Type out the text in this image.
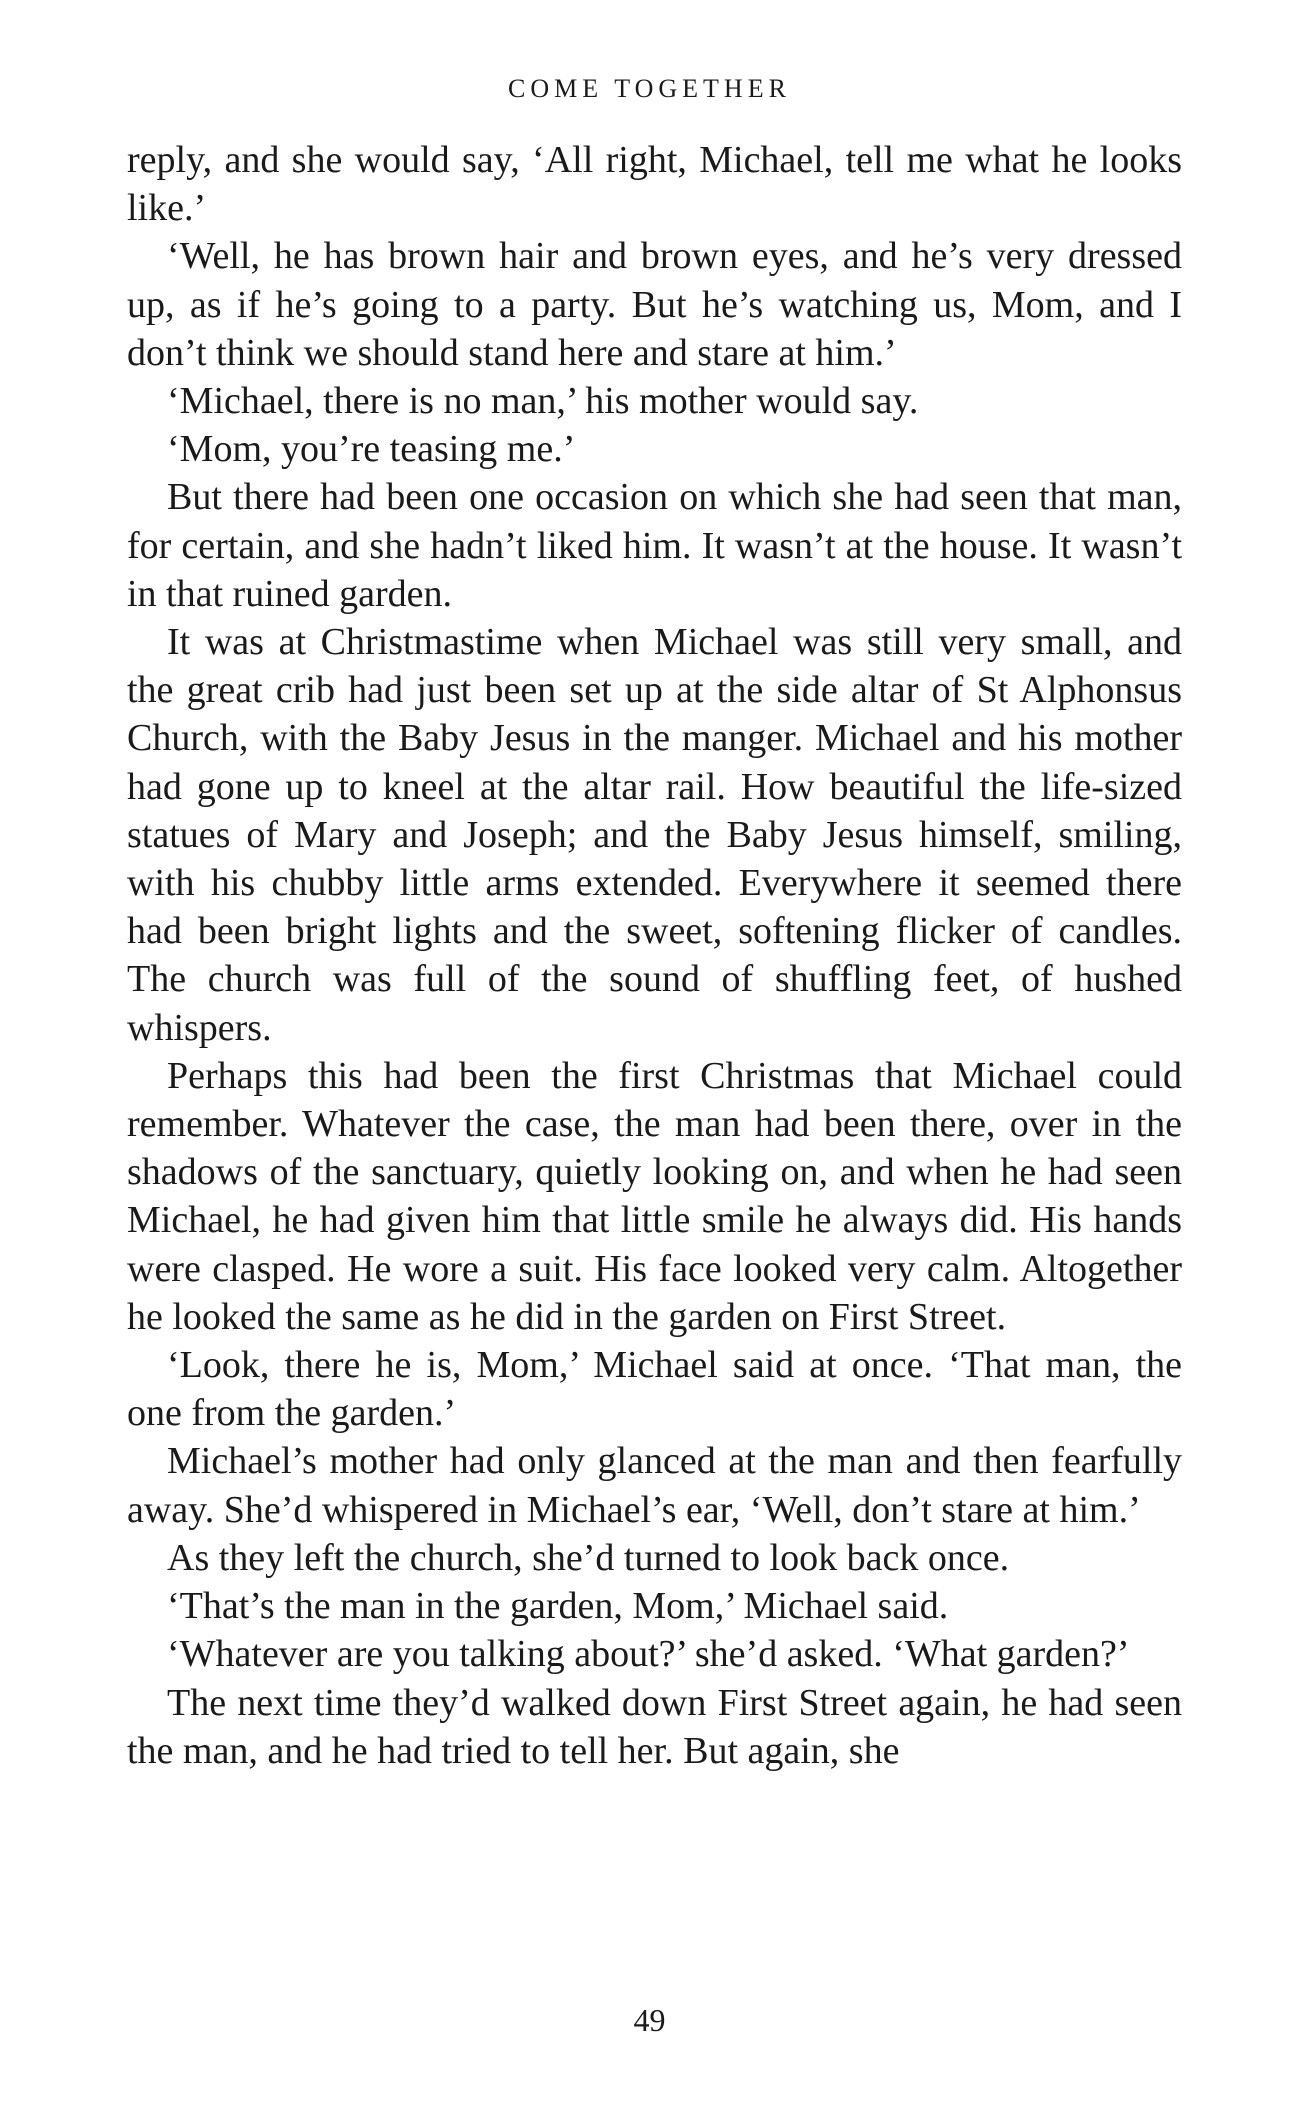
COME TOGETHER

reply, and she would say, ‘All right, Michael, tell me what he looks like.’

‘Well, he has brown hair and brown eyes, and he’s very dressed up, as if he’s going to a party. But he’s watching us, Mom, and I don’t think we should stand here and stare at him.’

‘Michael, there is no man,’ his mother would say.

‘Mom, you’re teasing me.’

But there had been one occasion on which she had seen that man, for certain, and she hadn’t liked him. It wasn’t at the house. It wasn’t in that ruined garden.

It was at Christmastime when Michael was still very small, and the great crib had just been set up at the side altar of St Alphonsus Church, with the Baby Jesus in the manger. Michael and his mother had gone up to kneel at the altar rail. How beautiful the life-sized statues of Mary and Joseph; and the Baby Jesus himself, smiling, with his chubby little arms extended. Everywhere it seemed there had been bright lights and the sweet, softening flicker of candles. The church was full of the sound of shuffling feet, of hushed whispers.

Perhaps this had been the first Christmas that Michael could remember. Whatever the case, the man had been there, over in the shadows of the sanctuary, quietly looking on, and when he had seen Michael, he had given him that little smile he always did. His hands were clasped. He wore a suit. His face looked very calm. Altogether he looked the same as he did in the garden on First Street.

‘Look, there he is, Mom,’ Michael said at once. ‘That man, the one from the garden.’

Michael’s mother had only glanced at the man and then fearfully away. She’d whispered in Michael’s ear, ‘Well, don’t stare at him.’

As they left the church, she’d turned to look back once.

‘That’s the man in the garden, Mom,’ Michael said.

‘Whatever are you talking about?’ she’d asked. ‘What garden?’

The next time they’d walked down First Street again, he had seen the man, and he had tried to tell her. But again, she

49
